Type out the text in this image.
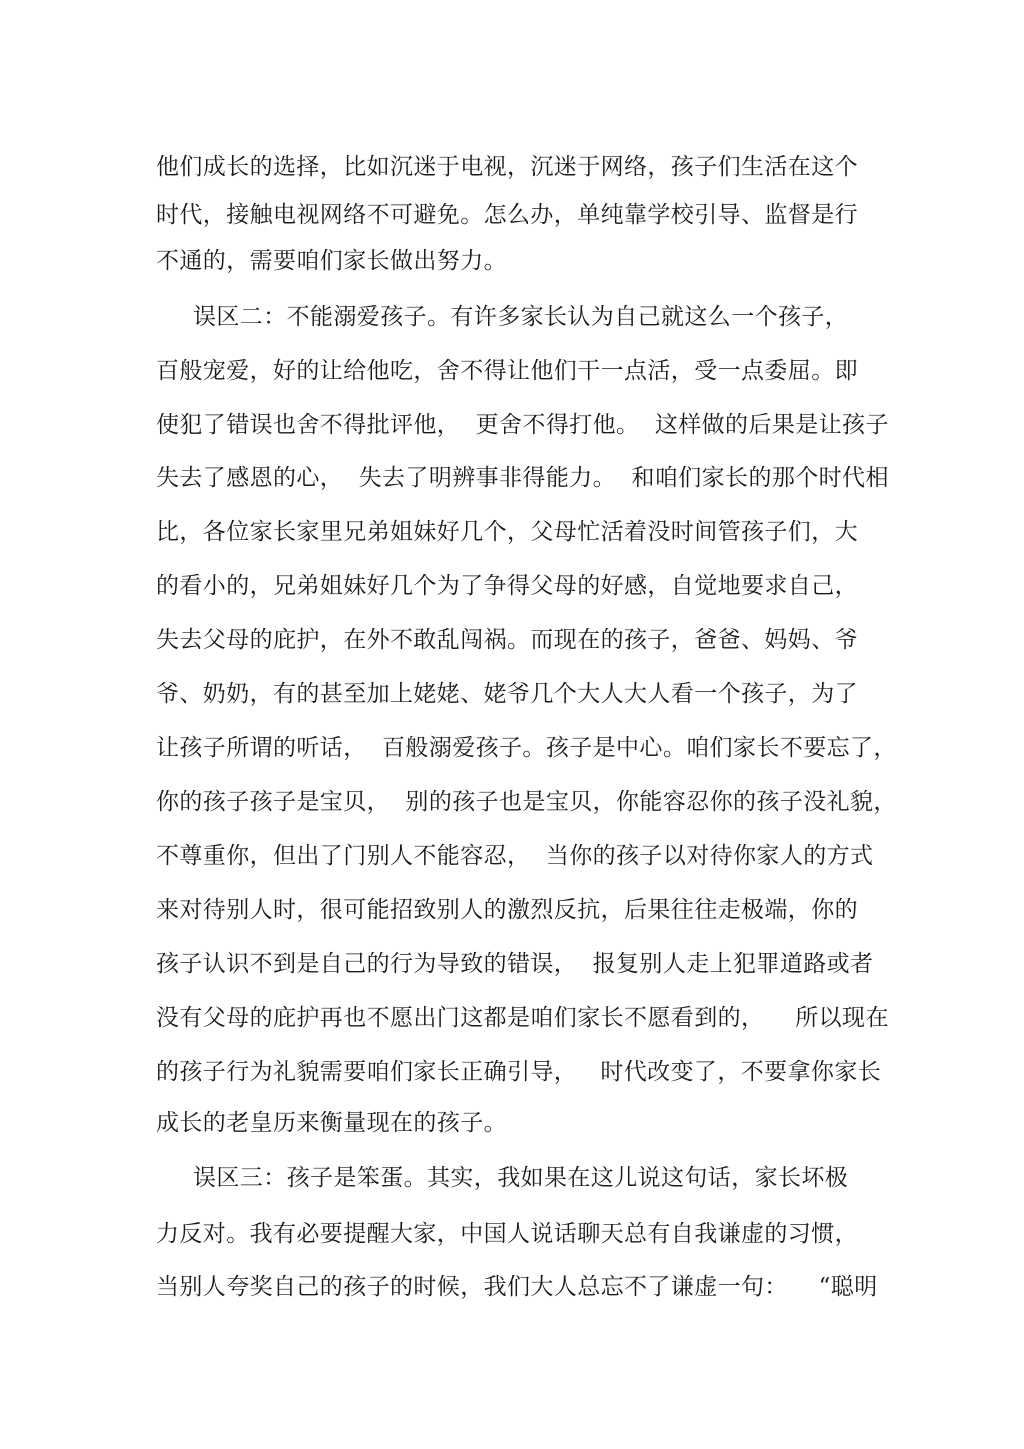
他们成长的选择，比如沉迷于电视，沉迷于网络，孩子们生活在这个

时代，接触电视网络不可避免。怎么办，单纯靠学校引导、监督是行

不通的，需要咱们家长做出努力。

误区二：不能溺爱孩子。有许多家长认为自己就这么一个孩子，

百般宠爱，好的让给他吃，舍不得让他们干一点活，受一点委屈。即

使犯了错误也舍不得批评他，  更舍不得打他。  这样做的后果是让孩子

失去了感恩的心，  失去了明辨事非得能力。  和咱们家长的那个时代相

比，各位家长家里兄弟姐妹好几个，父母忙活着没时间管孩子们，大

的看小的，兄弟姐妹好几个为了争得父母的好感，自觉地要求自己，

失去父母的庇护，在外不敢乱闯祸。而现在的孩子，爸爸、妈妈、爷

爷、奶奶，有的甚至加上姥姥、姥爷几个大人大人看一个孩子，为了

让孩子所谓的听话，  百般溺爱孩子。孩子是中心。咱们家长不要忘了，

你的孩子孩子是宝贝，  别的孩子也是宝贝，你能容忍你的孩子没礼貌，

不尊重你，但出了门别人不能容忍，  当你的孩子以对待你家人的方式

来对待别人时，很可能招致别人的激烈反抗，后果往往走极端，你的

孩子认识不到是自己的行为导致的错误，  报复别人走上犯罪道路或者

没有父母的庇护再也不愿出门这都是咱们家长不愿看到的，    所以现在

的孩子行为礼貌需要咱们家长正确引导，   时代改变了，不要拿你家长

成长的老皇历来衡量现在的孩子。

误区三：孩子是笨蛋。其实，我如果在这儿说这句话，家长坏极

力反对。我有必要提醒大家，中国人说话聊天总有自我谦虚的习惯，

当别人夸奖自己的孩子的时候，我们大人总忘不了谦虚一句：    “聪明
